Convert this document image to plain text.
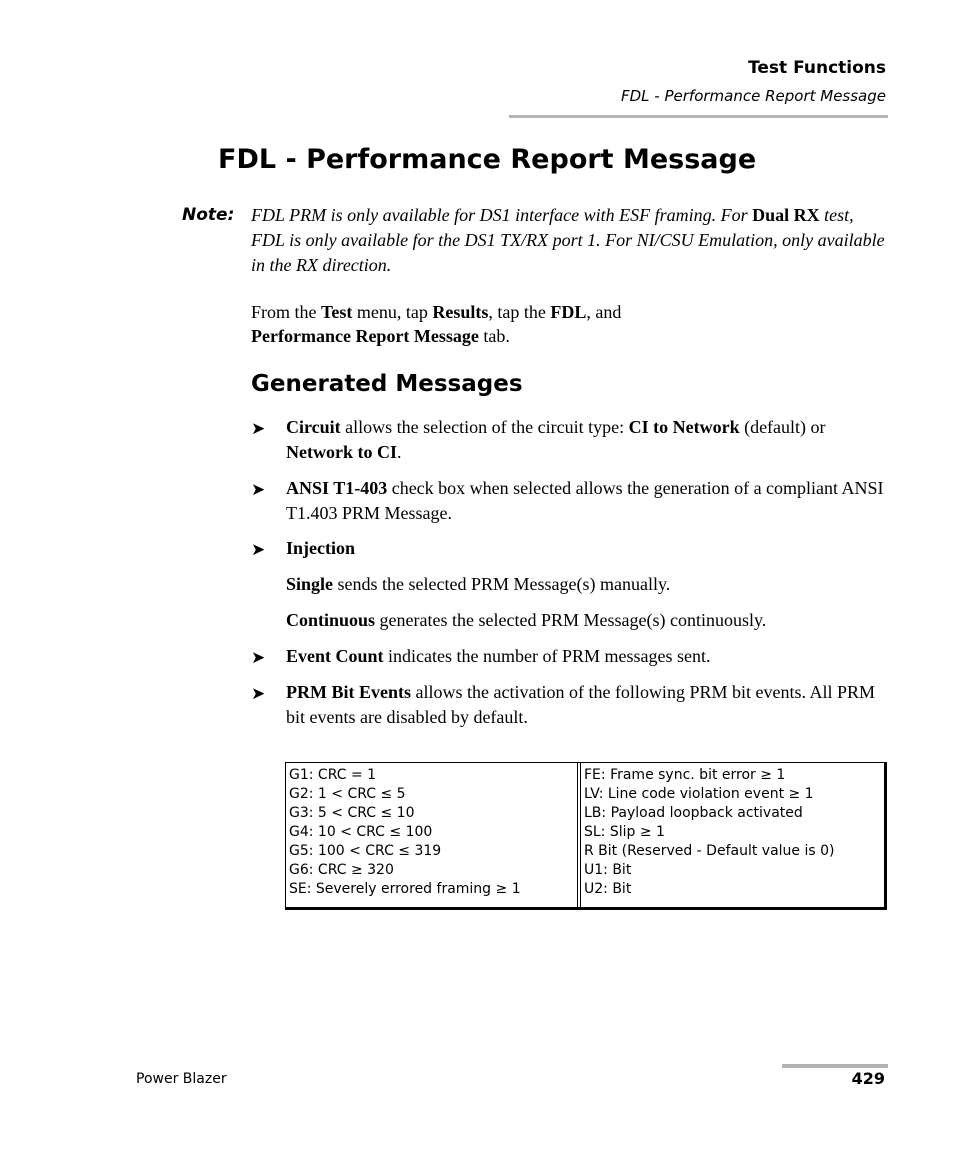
Test Functions
FDL - Performance Report Message
FDL - Performance Report Message
Note: FDL PRM is only available for DS1 interface with ESF framing. For Dual RX test, FDL is only available for the DS1 TX/RX port 1. For NI/CSU Emulation, only available in the RX direction.
From the Test menu, tap Results, tap the FDL, and
Performance Report Message tab.
Generated Messages
➤ Circuit allows the selection of the circuit type: CI to Network (default) or Network to CI.
➤ ANSI T1-403 check box when selected allows the generation of a compliant ANSI T1.403 PRM Message.
➤ Injection
Single sends the selected PRM Message(s) manually.
Continuous generates the selected PRM Message(s) continuously.
➤ Event Count indicates the number of PRM messages sent.
➤ PRM Bit Events allows the activation of the following PRM bit events. All PRM bit events are disabled by default.
G1: CRC = 1
G2: 1 < CRC ≤ 5
G3: 5 < CRC ≤ 10
G4: 10 < CRC ≤ 100
G5: 100 < CRC ≤ 319
G6: CRC ≥ 320
SE: Severely errored framing ≥ 1

FE: Frame sync. bit error ≥ 1
LV: Line code violation event ≥ 1
LB: Payload loopback activated
SL: Slip ≥ 1
R Bit (Reserved - Default value is 0)
U1: Bit
U2: Bit
Power Blazer	429
